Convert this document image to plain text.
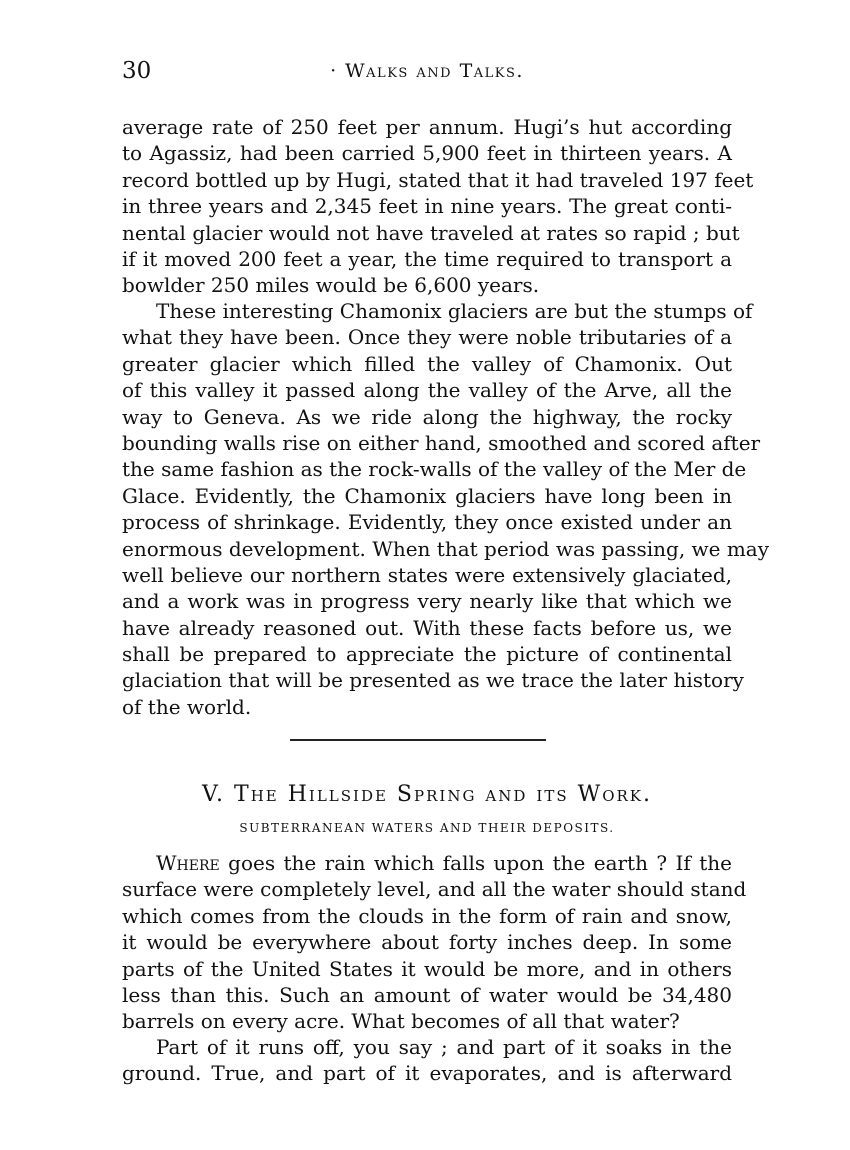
30	· Walks and Talks.
average rate of 250 feet per annum. Hugi’s hut according
to Agassiz, had been carried 5,900 feet in thirteen years. A
record bottled up by Hugi, stated that it had traveled 197 feet
in three years and 2,345 feet in nine years. The great conti-
nental glacier would not have traveled at rates so rapid ; but
if it moved 200 feet a year, the time required to transport a
bowlder 250 miles would be 6,600 years.
These interesting Chamonix glaciers are but the stumps of
what they have been. Once they were noble tributaries of a
greater glacier which filled the valley of Chamonix. Out
of this valley it passed along the valley of the Arve, all the
way to Geneva. As we ride along the highway, the rocky
bounding walls rise on either hand, smoothed and scored after
the same fashion as the rock-walls of the valley of the Mer de
Glace. Evidently, the Chamonix glaciers have long been in
process of shrinkage. Evidently, they once existed under an
enormous development. When that period was passing, we may
well believe our northern states were extensively glaciated,
and a work was in progress very nearly like that which we
have already reasoned out. With these facts before us, we
shall be prepared to appreciate the picture of continental
glaciation that will be presented as we trace the later history
of the world.
V. The Hillside Spring and its Work.
SUBTERRANEAN WATERS AND THEIR DEPOSITS.
Where goes the rain which falls upon the earth ? If the
surface were completely level, and all the water should stand
which comes from the clouds in the form of rain and snow,
it would be everywhere about forty inches deep. In some
parts of the United States it would be more, and in others
less than this. Such an amount of water would be 34,480
barrels on every acre. What becomes of all that water?
Part of it runs off, you say ; and part of it soaks in the
ground. True, and part of it evaporates, and is afterward
